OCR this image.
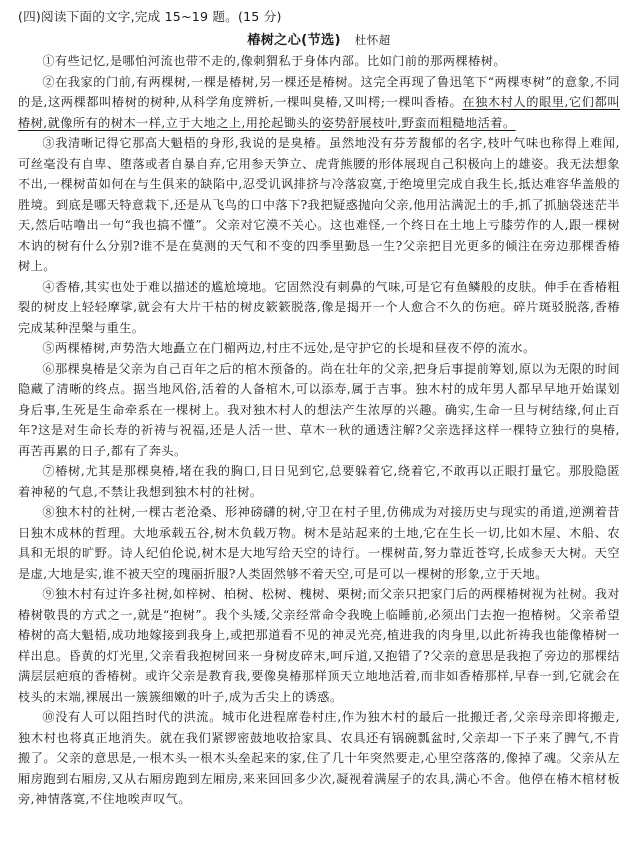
(四)阅读下面的文字,完成 15~19 题。(15 分)
椿树之心(节选) 杜怀超

①有些记忆,是哪怕河流也带不走的,像刺猬私于身体内部。比如门前的那两棵椿树。

②在我家的门前,有两棵树,一棵是椿树,另一棵还是椿树。这完全再现了鲁迅笔下“两棵枣树”的意象,不同的是,这两棵都叫椿树的树种,从科学角度辨析,一棵叫臭椿,又叫樗;一棵叫香椿。在独木村人的眼里,它们都叫椿树,就像所有的树木一样,立于大地之上,用抡起锄头的姿势舒展枝叶,野蛮而粗糙地活着。

③我清晰记得它那高大魁梧的身形,我说的是臭椿。虽然地没有芬芳馥郁的名字,枝叶气味也称得上难闻,可丝毫没有自卑、堕落或者自暴自弃,它用参天笋立、虎背熊腰的形体展现自己积极向上的雄姿。我无法想象不出,一棵树苗如何在与生俱来的缺陷中,忍受讥讽排挤与冷落寂寞,于绝境里完成自我生长,抵达难容华盖般的胜境。到底是哪天特意栽下,还是从飞鸟的口中落下?我把疑惑抛向父亲,他用沾满泥土的手,抓了抓脑袋迷茫半天,然后咕噜出一句“我也搞不懂”。父亲对它漠不关心。这也难怪,一个终日在土地上亏膝劳作的人,跟一棵树木讷的树有什么分别?谁不是在莫测的天气和不变的四季里勤恳一生?父亲把目光更多的倾注在旁边那棵香椿树上。

④香椿,其实也处于难以描述的尴尬境地。它固然没有刺鼻的气味,可是它有鱼鳞般的皮肤。伸手在香椿粗裂的树皮上轻轻摩挲,就会有大片干枯的树皮簌簌脱落,像是揭开一个人愈合不久的伤疤。碎片斑驳脱落,香椿完成某种涅槃与重生。

⑤两棵椿树,声势浩大地矗立在门楣两边,村庄不远处,是守护它的长堤和昼夜不停的流水。

⑥那棵臭椿是父亲为自己百年之后的棺木预备的。尚在壮年的父亲,把身后事提前筹划,原以为无限的时间隐藏了清晰的终点。据当地风俗,活着的人备棺木,可以添寿,属于吉事。独木村的成年男人都早早地开始谋划身后事,生死是生命牵系在一棵树上。我对独木村人的想法产生浓厚的兴趣。确实,生命一旦与树结缘,何止百年?这是对生命长寿的祈祷与祝福,还是人活一世、草木一秋的通透注解?父亲选择这样一棵特立独行的臭椿,再苦再累的日子,都有了奔头。

⑦椿树,尤其是那棵臭椿,堵在我的胸口,日日见到它,总要躲着它,绕着它,不敢再以正眼打量它。那股隐匿着神秘的气息,不禁让我想到独木村的社树。

⑧独木村的社树,一棵古老沧桑、形神磅礴的树,守卫在村子里,仿佛成为对接历史与现实的甬道,逆溯着昔日独木成林的哲理。大地承载五谷,树木负载万物。树木是站起来的土地,它在生长一切,比如木屋、木船、农具和无垠的旷野。诗人纪伯伦说,树木是大地写给天空的诗行。一棵树苗,努力靠近苍穹,长成参天大树。天空是虚,大地是实,谁不被天空的瑰丽折服?人类固然够不着天空,可是可以一棵树的形象,立于天地。

⑨独木村有过许多社树,如梓树、柏树、松树、槐树、栗树;而父亲只把家门后的两棵椿树视为社树。我对椿树敬畏的方式之一,就是“抱树”。我个头矮,父亲经常命令我晚上临睡前,必须出门去抱一抱椿树。父亲希望椿树的高大魁梧,成功地嫁接到我身上,或把那道看不见的神灵光亮,植进我的肉身里,以此祈祷我也能像椿树一样出息。昏黄的灯光里,父亲看我抱树回来一身树皮碎末,呵斥道,又抱错了?父亲的意思是我抱了旁边的那棵结满层层疤痕的香椿树。或许父亲是教育我,要像臭椿那样顶天立地地活着,而非如香椿那样,早春一到,它就会在枝头的末端,裸展出一簇簇细嫩的叶子,成为舌尖上的诱惑。

⑩没有人可以阻挡时代的洪流。城市化进程席卷村庄,作为独木村的最后一批搬迁者,父亲母亲即将搬走,独木村也将真正地消失。就在我们紧锣密鼓地收拾家具、农具还有锅碗瓢盆时,父亲却一下子来了脾气,不肯搬了。父亲的意思是,一根木头一根木头垒起来的家,住了几十年突然要走,心里空落落的,像掉了魂。父亲从左厢房跑到右厢房,又从右厢房跑到左厢房,来来回回多少次,凝视着满屋子的农具,满心不舍。他停在椿木棺材板旁,神情落寞,不住地唉声叹气。
